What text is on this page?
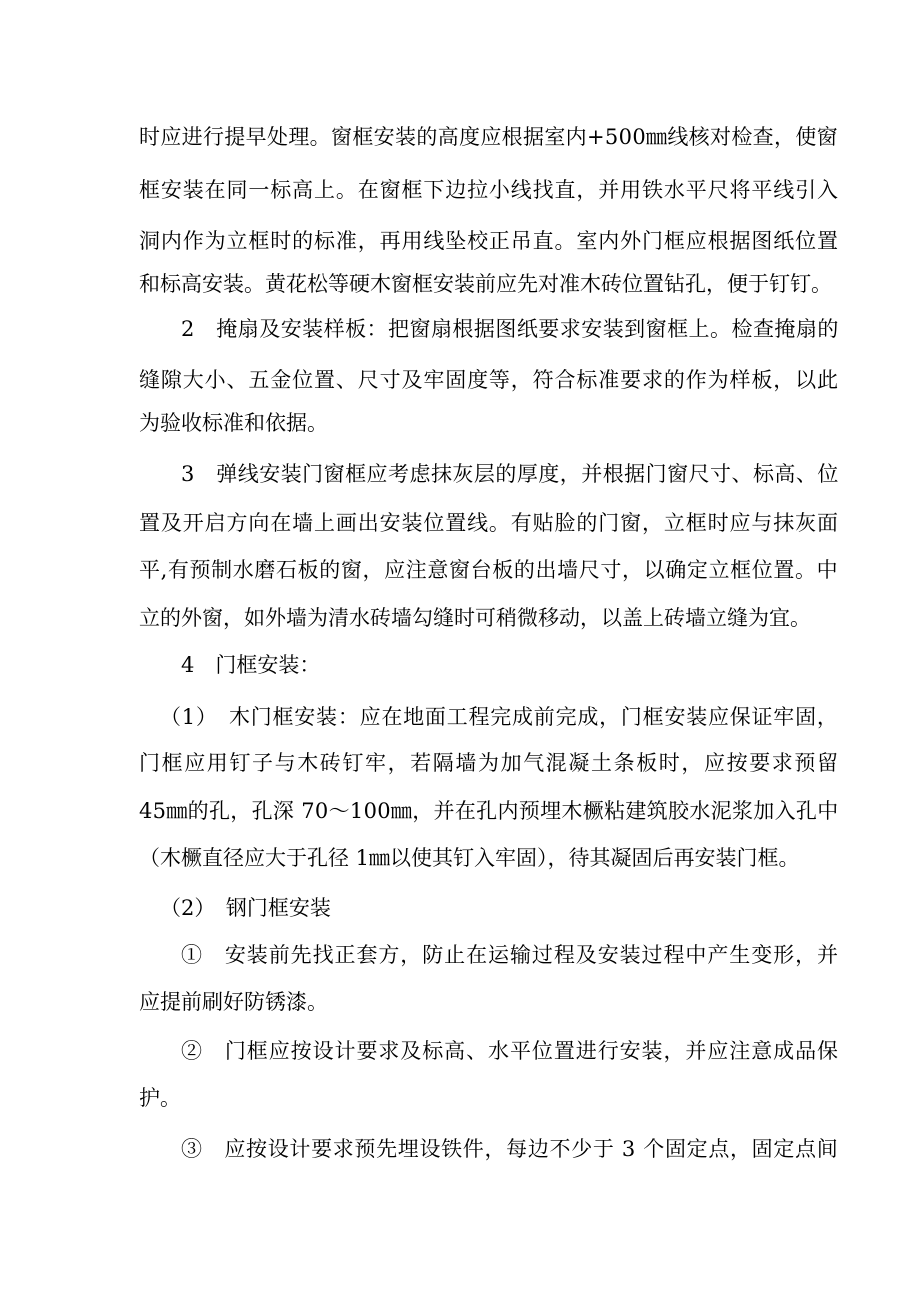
时应进行提早处理。窗框安装的高度应根据室内+500㎜线核对检查，使窗
框安装在同一标高上。在窗框下边拉小线找直，并用铁水平尺将平线引入
洞内作为立框时的标准，再用线坠校正吊直。室内外门框应根据图纸位置
和标高安装。黄花松等硬木窗框安装前应先对准木砖位置钻孔，便于钉钉。
2　掩扇及安装样板：把窗扇根据图纸要求安装到窗框上。检查掩扇的
缝隙大小、五金位置、尺寸及牢固度等，符合标准要求的作为样板，以此
为验收标准和依据。
3　弹线安装门窗框应考虑抹灰层的厚度，并根据门窗尺寸、标高、位
置及开启方向在墙上画出安装位置线。有贴脸的门窗，立框时应与抹灰面
平,有预制水磨石板的窗，应注意窗台板的出墙尺寸，以确定立框位置。中
立的外窗，如外墙为清水砖墙勾缝时可稍微移动，以盖上砖墙立缝为宜。
4　门框安装：
（1）　木门框安装：应在地面工程完成前完成，门框安装应保证牢固，
门框应用钉子与木砖钉牢，若隔墙为加气混凝土条板时，应按要求预留
45㎜的孔，孔深 70～100㎜，并在孔内预埋木橛粘建筑胶水泥浆加入孔中
（木橛直径应大于孔径 1㎜以使其钉入牢固），待其凝固后再安装门框。
（2）　钢门框安装
①　安装前先找正套方，防止在运输过程及安装过程中产生变形，并
应提前刷好防锈漆。
②　门框应按设计要求及标高、水平位置进行安装，并应注意成品保
护。
③　应按设计要求预先埋设铁件，每边不少于 3 个固定点，固定点间
